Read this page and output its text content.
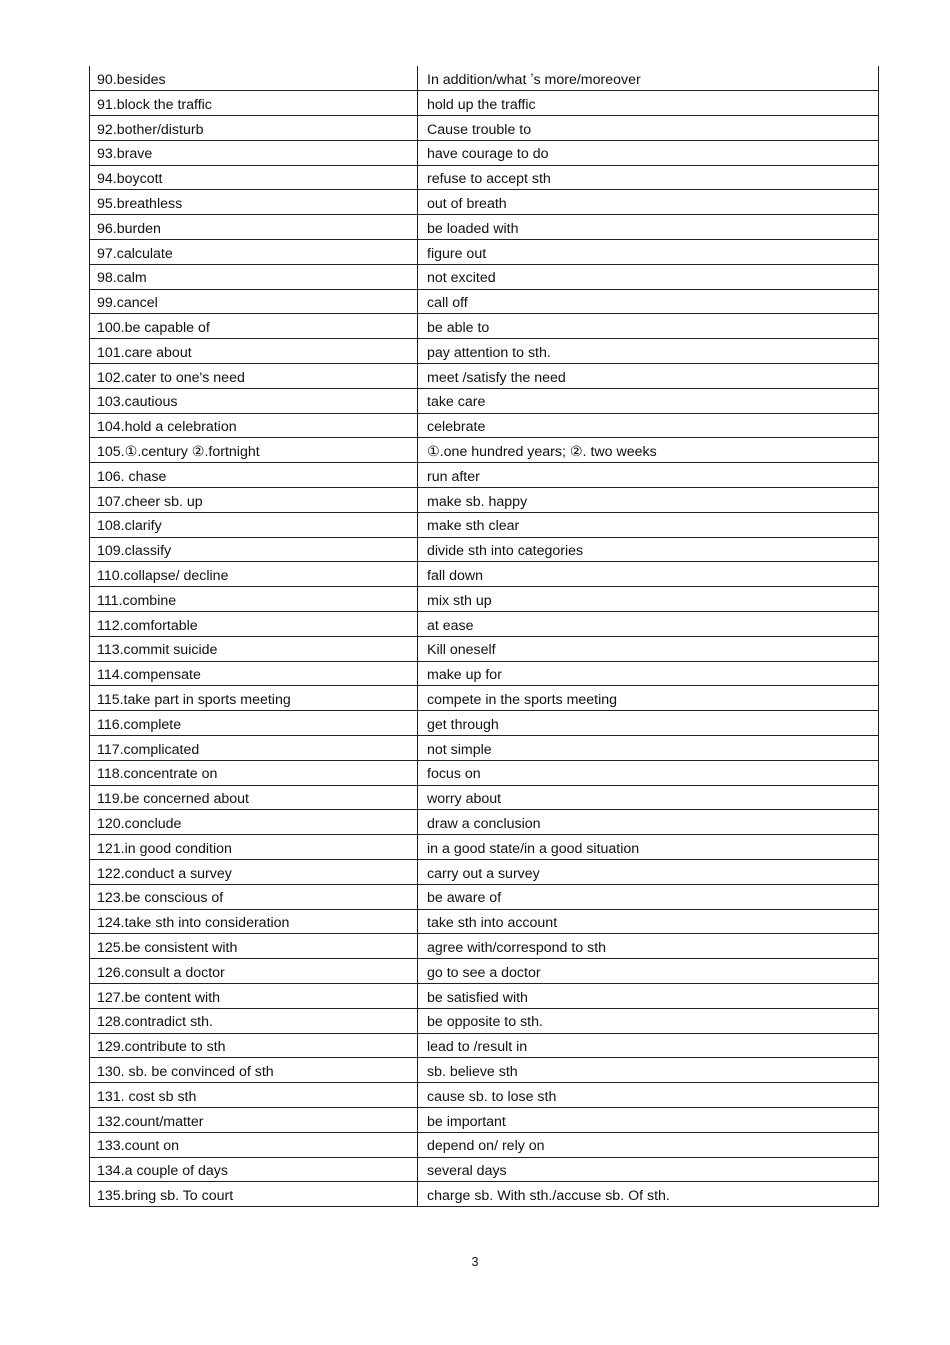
90.besides	In addition/what ʼs more/moreover
91.block the traffic	hold up the traffic
92.bother/disturb	Cause trouble to
93.brave	have courage to do
94.boycott	refuse to accept sth
95.breathless	out of breath
96.burden	be loaded with
97.calculate	figure out
98.calm	not excited
99.cancel	call off
100.be capable of	be able to
101.care about	pay attention to sth.
102.cater to one's need	meet /satisfy the need
103.cautious	take care
104.hold a celebration	celebrate
105.①.century ②.fortnight	①.one hundred years; ②. two weeks
106. chase	run after
107.cheer sb. up	make sb. happy
108.clarify	make sth clear
109.classify	divide sth into categories
110.collapse/ decline	fall down
111.combine	mix sth up
112.comfortable	at ease
113.commit suicide	Kill oneself
114.compensate	make up for
115.take part in sports meeting	compete in the sports meeting
116.complete	get through
117.complicated	not simple
118.concentrate on	focus on
119.be concerned about	worry about
120.conclude	draw a conclusion
121.in good condition	in a good state/in a good situation
122.conduct a survey	carry out a survey
123.be conscious of	be aware of
124.take sth into consideration	take sth into account
125.be consistent with	agree with/correspond to sth
126.consult a doctor	go to see a doctor
127.be content with	be satisfied with
128.contradict sth.	be opposite to sth.
129.contribute to sth	lead to /result in
130. sb. be convinced of sth	sb. believe sth
131. cost sb sth	cause sb. to lose sth
132.count/matter	be important
133.count on	depend on/ rely on
134.a couple of days	several days
135.bring sb. To court	charge sb. With sth./accuse sb. Of sth.
3
